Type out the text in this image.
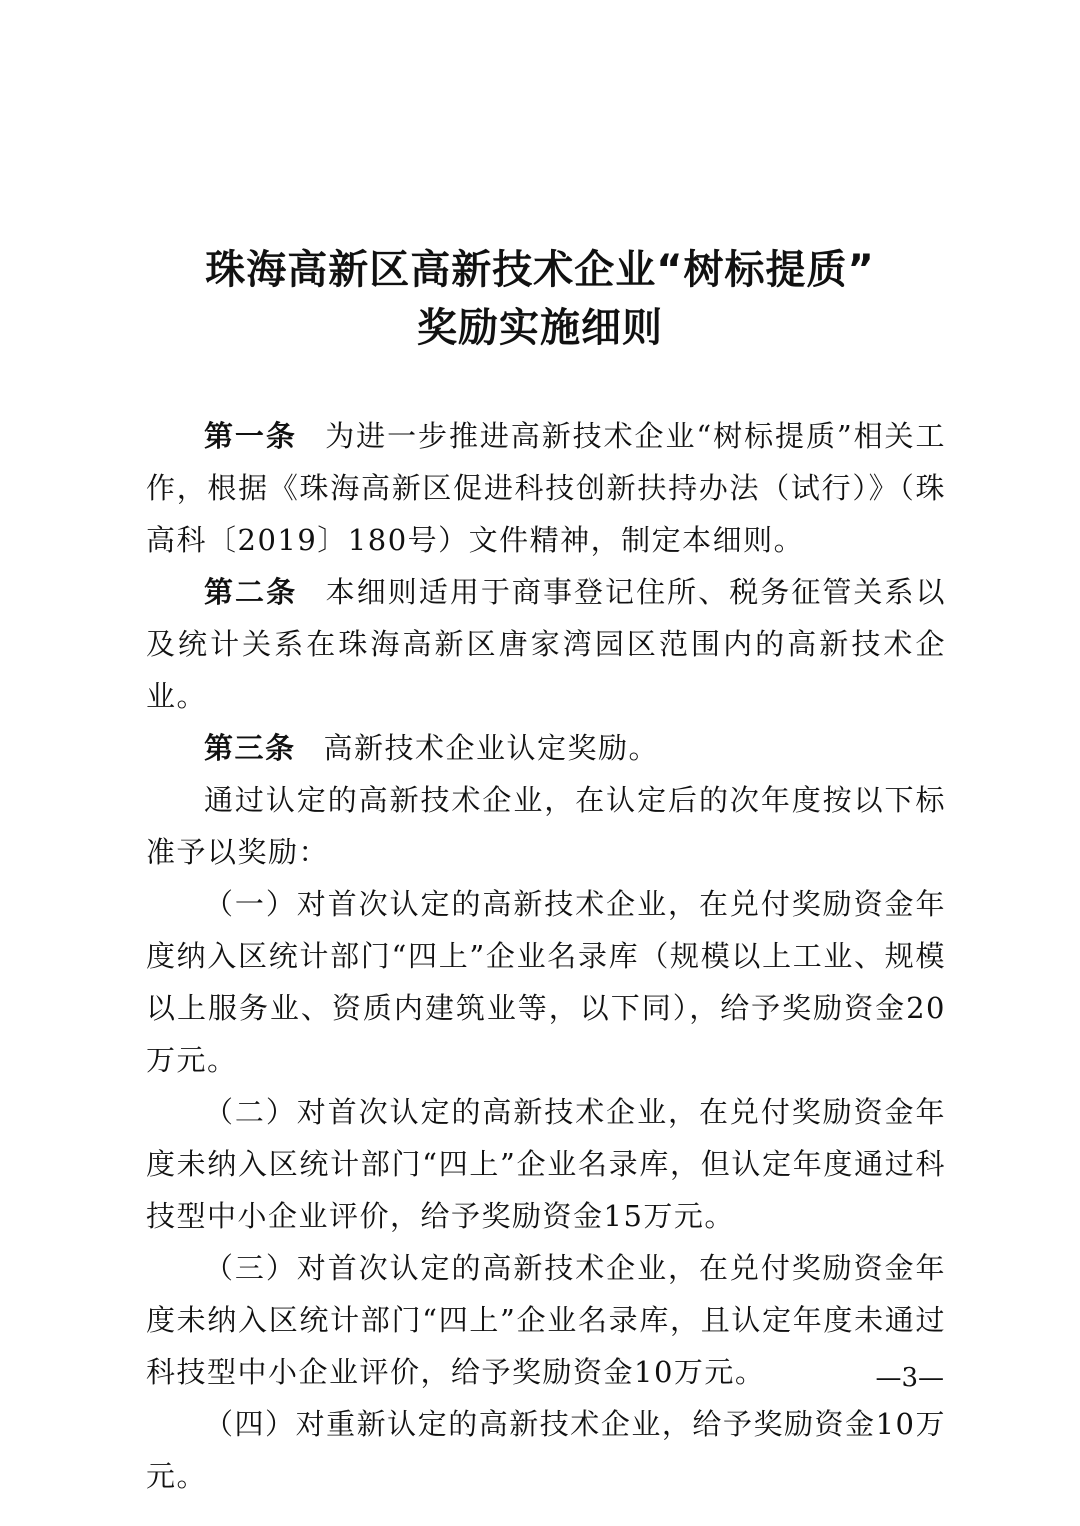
珠海高新区高新技术企业“树标提质”
奖励实施细则

第一条 为进一步推进高新技术企业“树标提质”相关工作，根据《珠海高新区促进科技创新扶持办法（试行）》（珠高科〔2019〕180号）文件精神，制定本细则。

第二条 本细则适用于商事登记住所、税务征管关系以及统计关系在珠海高新区唐家湾园区范围内的高新技术企业。

第三条 高新技术企业认定奖励。

通过认定的高新技术企业，在认定后的次年度按以下标准予以奖励：

（一）对首次认定的高新技术企业，在兑付奖励资金年度纳入区统计部门“四上”企业名录库（规模以上工业、规模以上服务业、资质内建筑业等，以下同），给予奖励资金20万元。

（二）对首次认定的高新技术企业，在兑付奖励资金年度未纳入区统计部门“四上”企业名录库，但认定年度通过科技型中小企业评价，给予奖励资金15万元。

（三）对首次认定的高新技术企业，在兑付奖励资金年度未纳入区统计部门“四上”企业名录库，且认定年度未通过科技型中小企业评价，给予奖励资金10万元。

（四）对重新认定的高新技术企业，给予奖励资金10万元。

—3—
